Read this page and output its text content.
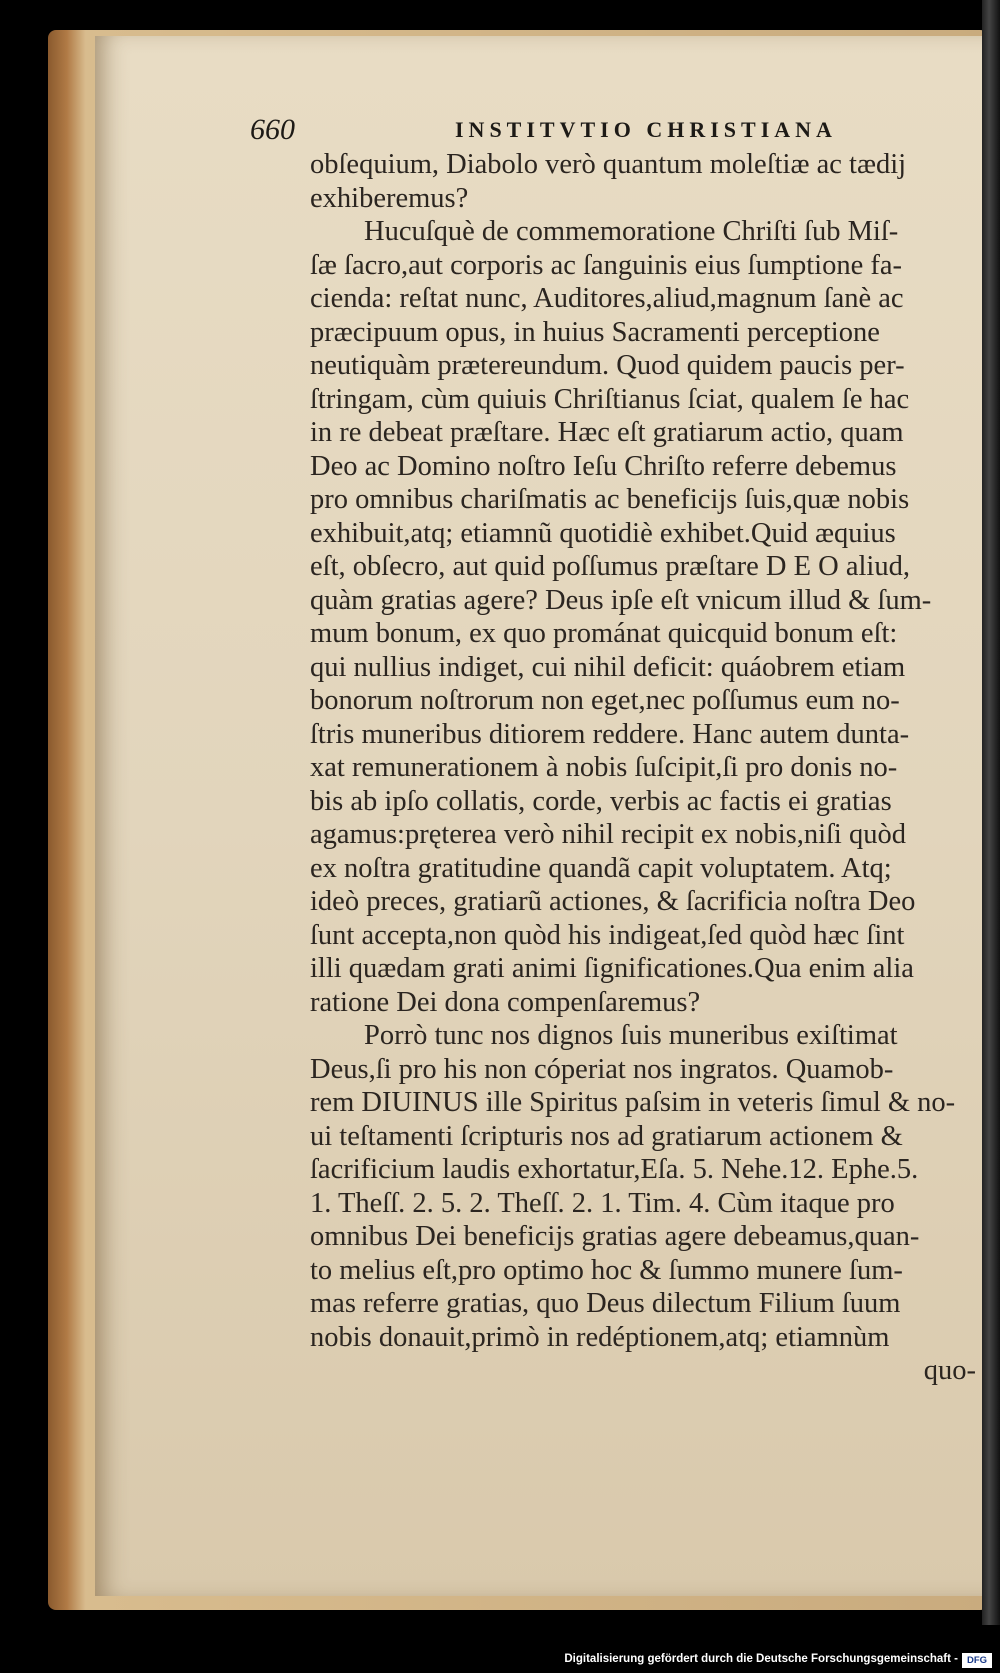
660	INSTITVTIO CHRISTIANA
obſequium, Diabolo verò quantum moleſtiæ ac tædij
exhiberemus?
Hucuſquè de commemoratione Chriſti ſub Miſ-
ſæ ſacro,aut corporis ac ſanguinis eius ſumptione fa-
cienda: reſtat nunc, Auditores,aliud,magnum ſanè ac
præcipuum opus, in huius Sacramenti perceptione
neutiquàm prætereundum. Quod quidem paucis per-
ſtringam, cùm quiuis Chriſtianus ſciat, qualem ſe hac
in re debeat præſtare. Hæc eſt gratiarum actio, quam
Deo ac Domino noſtro Ieſu Chriſto referre debemus
pro omnibus chariſmatis ac beneficijs ſuis,quæ nobis
exhibuit,atq; etiamnũ quotidiè exhibet.Quid æquius
eſt, obſecro, aut quid poſſumus præſtare D E O aliud,
quàm gratias agere? Deus ipſe eſt vnicum illud & ſum-
mum bonum, ex quo prománat quicquid bonum eſt:
qui nullius indiget, cui nihil deficit: quáobrem etiam
bonorum noſtrorum non eget,nec poſſumus eum no-
ſtris muneribus ditiorem reddere. Hanc autem dunta-
xat remunerationem à nobis ſuſcipit,ſi pro donis no-
bis ab ipſo collatis, corde, verbis ac factis ei gratias
agamus:pręterea verò nihil recipit ex nobis,niſi quòd
ex noſtra gratitudine quandã capit voluptatem. Atq;
ideò preces, gratiarũ actiones, & ſacrificia noſtra Deo
ſunt accepta,non quòd his indigeat,ſed quòd hæc ſint
illi quædam grati animi ſignificationes.Qua enim alia
ratione Dei dona compenſaremus?
Porrò tunc nos dignos ſuis muneribus exiſtimat
Deus,ſi pro his non cóperiat nos ingratos. Quamob-
rem DIUINUS ille Spiritus paſsim in veteris ſimul & no-
ui teſtamenti ſcripturis nos ad gratiarum actionem &
ſacrificium laudis exhortatur,Eſa. 5. Nehe.12. Ephe.5.
1. Theſſ. 2. 5. 2. Theſſ. 2. 1. Tim. 4. Cùm itaque pro
omnibus Dei beneficijs gratias agere debeamus,quan-
to melius eſt,pro optimo hoc & ſummo munere ſum-
mas referre gratias, quo Deus dilectum Filium ſuum
nobis donauit,primò in redéptionem,atq; etiamnùm
quo-
Digitalisierung gefördert durch die Deutsche Forschungsgemeinschaft - DFG
